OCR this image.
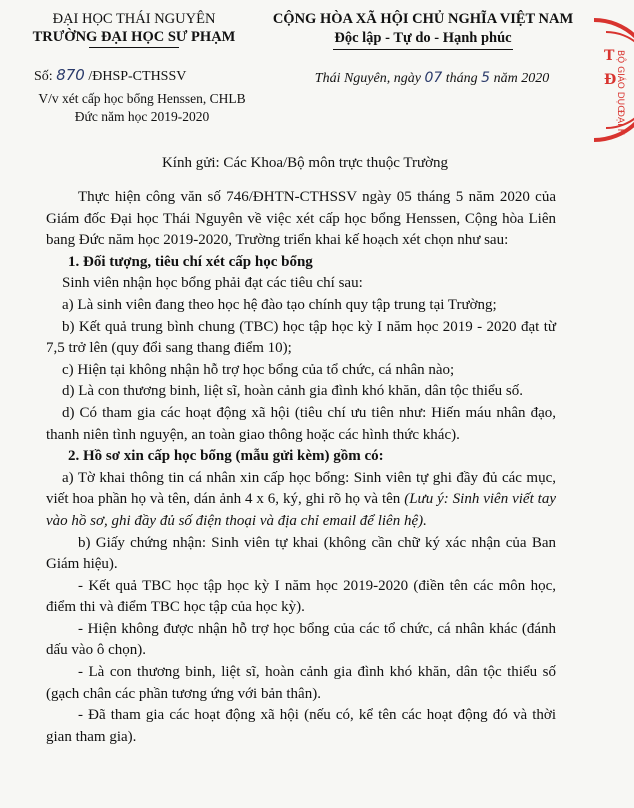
ĐẠI HỌC THÁI NGUYÊN
TRƯỜNG ĐẠI HỌC SƯ PHẠM
CỘNG HÒA XÃ HỘI CHỦ NGHĨA VIỆT NAM
Độc lập - Tự do - Hạnh phúc
Số: 870 /ĐHSP-CTHSSV
V/v xét cấp học bổng Henssen, CHLB
Đức năm học 2019-2020
Thái Nguyên, ngày 07 tháng 5 năm 2020
Kính gửi: Các Khoa/Bộ môn trực thuộc Trường

Thực hiện công văn số 746/ĐHTN-CTHSSV ngày 05 tháng 5 năm 2020 của Giám đốc Đại học Thái Nguyên về việc xét cấp học bổng Henssen, Cộng hòa Liên bang Đức năm học 2019-2020, Trường triển khai kế hoạch xét chọn như sau:

1. Đối tượng, tiêu chí xét cấp học bổng

Sinh viên nhận học bổng phải đạt các tiêu chí sau:

a) Là sinh viên đang theo học hệ đào tạo chính quy tập trung tại Trường;

b) Kết quả trung bình chung (TBC) học tập học kỳ I năm học 2019 - 2020 đạt từ 7,5 trở lên (quy đổi sang thang điểm 10);

c) Hiện tại không nhận hỗ trợ học bổng của tổ chức, cá nhân nào;

d) Là con thương binh, liệt sĩ, hoàn cảnh gia đình khó khăn, dân tộc thiểu số.

d) Có tham gia các hoạt động xã hội (tiêu chí ưu tiên như: Hiến máu nhân đạo, thanh niên tình nguyện, an toàn giao thông hoặc các hình thức khác).

2. Hồ sơ xin cấp học bổng (mẫu gửi kèm) gồm có:

a) Tờ khai thông tin cá nhân xin cấp học bổng: Sinh viên tự ghi đầy đủ các mục, viết hoa phần họ và tên, dán ảnh 4 x 6, ký, ghi rõ họ và tên (Lưu ý: Sinh viên viết tay vào hồ sơ, ghi đầy đủ số điện thoại và địa chỉ email để liên hệ).

b) Giấy chứng nhận: Sinh viên tự khai (không cần chữ ký xác nhận của Ban Giám hiệu).

- Kết quả TBC học tập học kỳ I năm học 2019-2020 (điền tên các môn học, điểm thi và điểm TBC học tập của học kỳ).

- Hiện không được nhận hỗ trợ học bổng của các tổ chức, cá nhân khác (đánh dấu vào ô chọn).

- Là con thương binh, liệt sĩ, hoàn cảnh gia đình khó khăn, dân tộc thiểu số (gạch chân các phần tương ứng với bản thân).

- Đã tham gia các hoạt động xã hội (nếu có, kể tên các hoạt động đó và thời gian tham gia).

BỘ GIÁO DỤC
ĐẠI H
T
Đ
